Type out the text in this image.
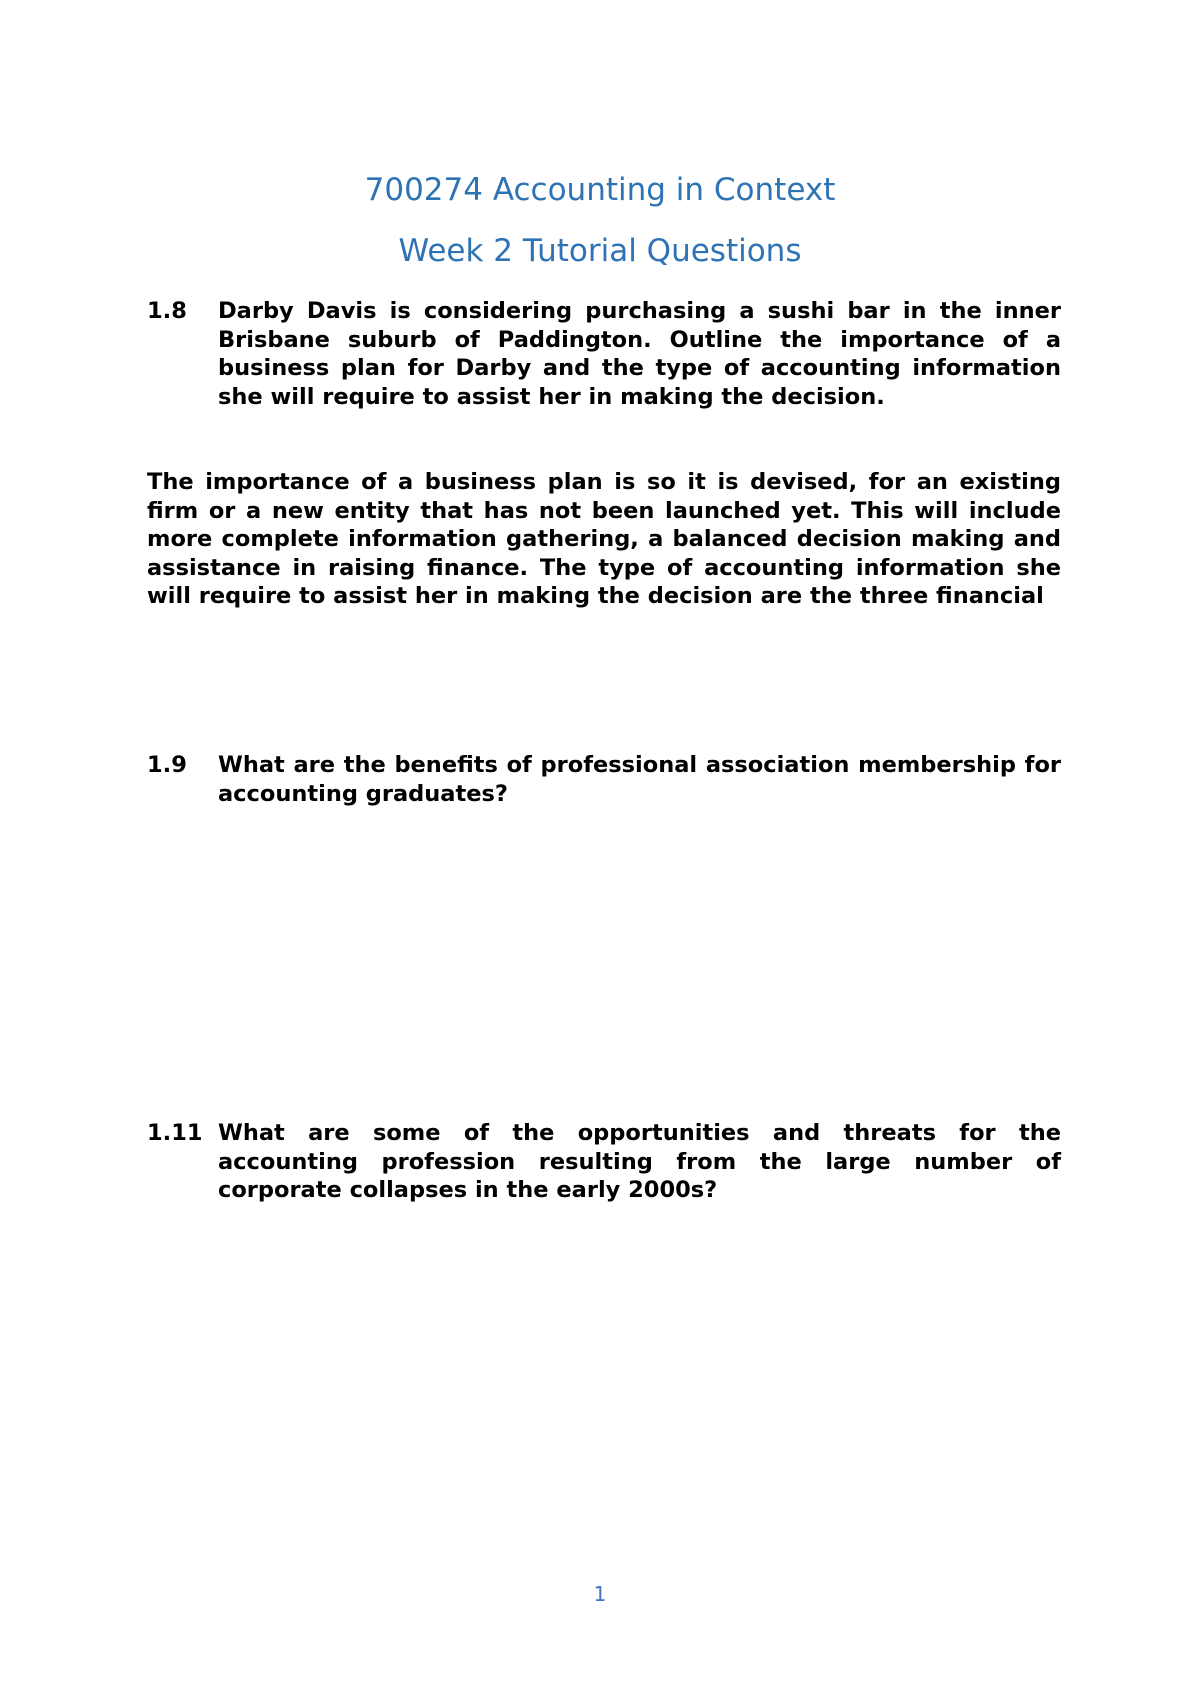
700274 Accounting in Context
Week 2 Tutorial Questions
1.8 Darby Davis is considering purchasing a sushi bar in the inner Brisbane suburb of Paddington. Outline the importance of a business plan for Darby and the type of accounting information she will require to assist her in making the decision.

The importance of a business plan is so it is devised, for an existing firm or a new entity that has not been launched yet. This will include more complete information gathering, a balanced decision making and assistance in raising finance. The type of accounting information she will require to assist her in making the decision are the three financial

1.9 What are the benefits of professional association membership for accounting graduates?
1.11 What are some of the opportunities and threats for the accounting profession resulting from the large number of corporate collapses in the early 2000s?
1
